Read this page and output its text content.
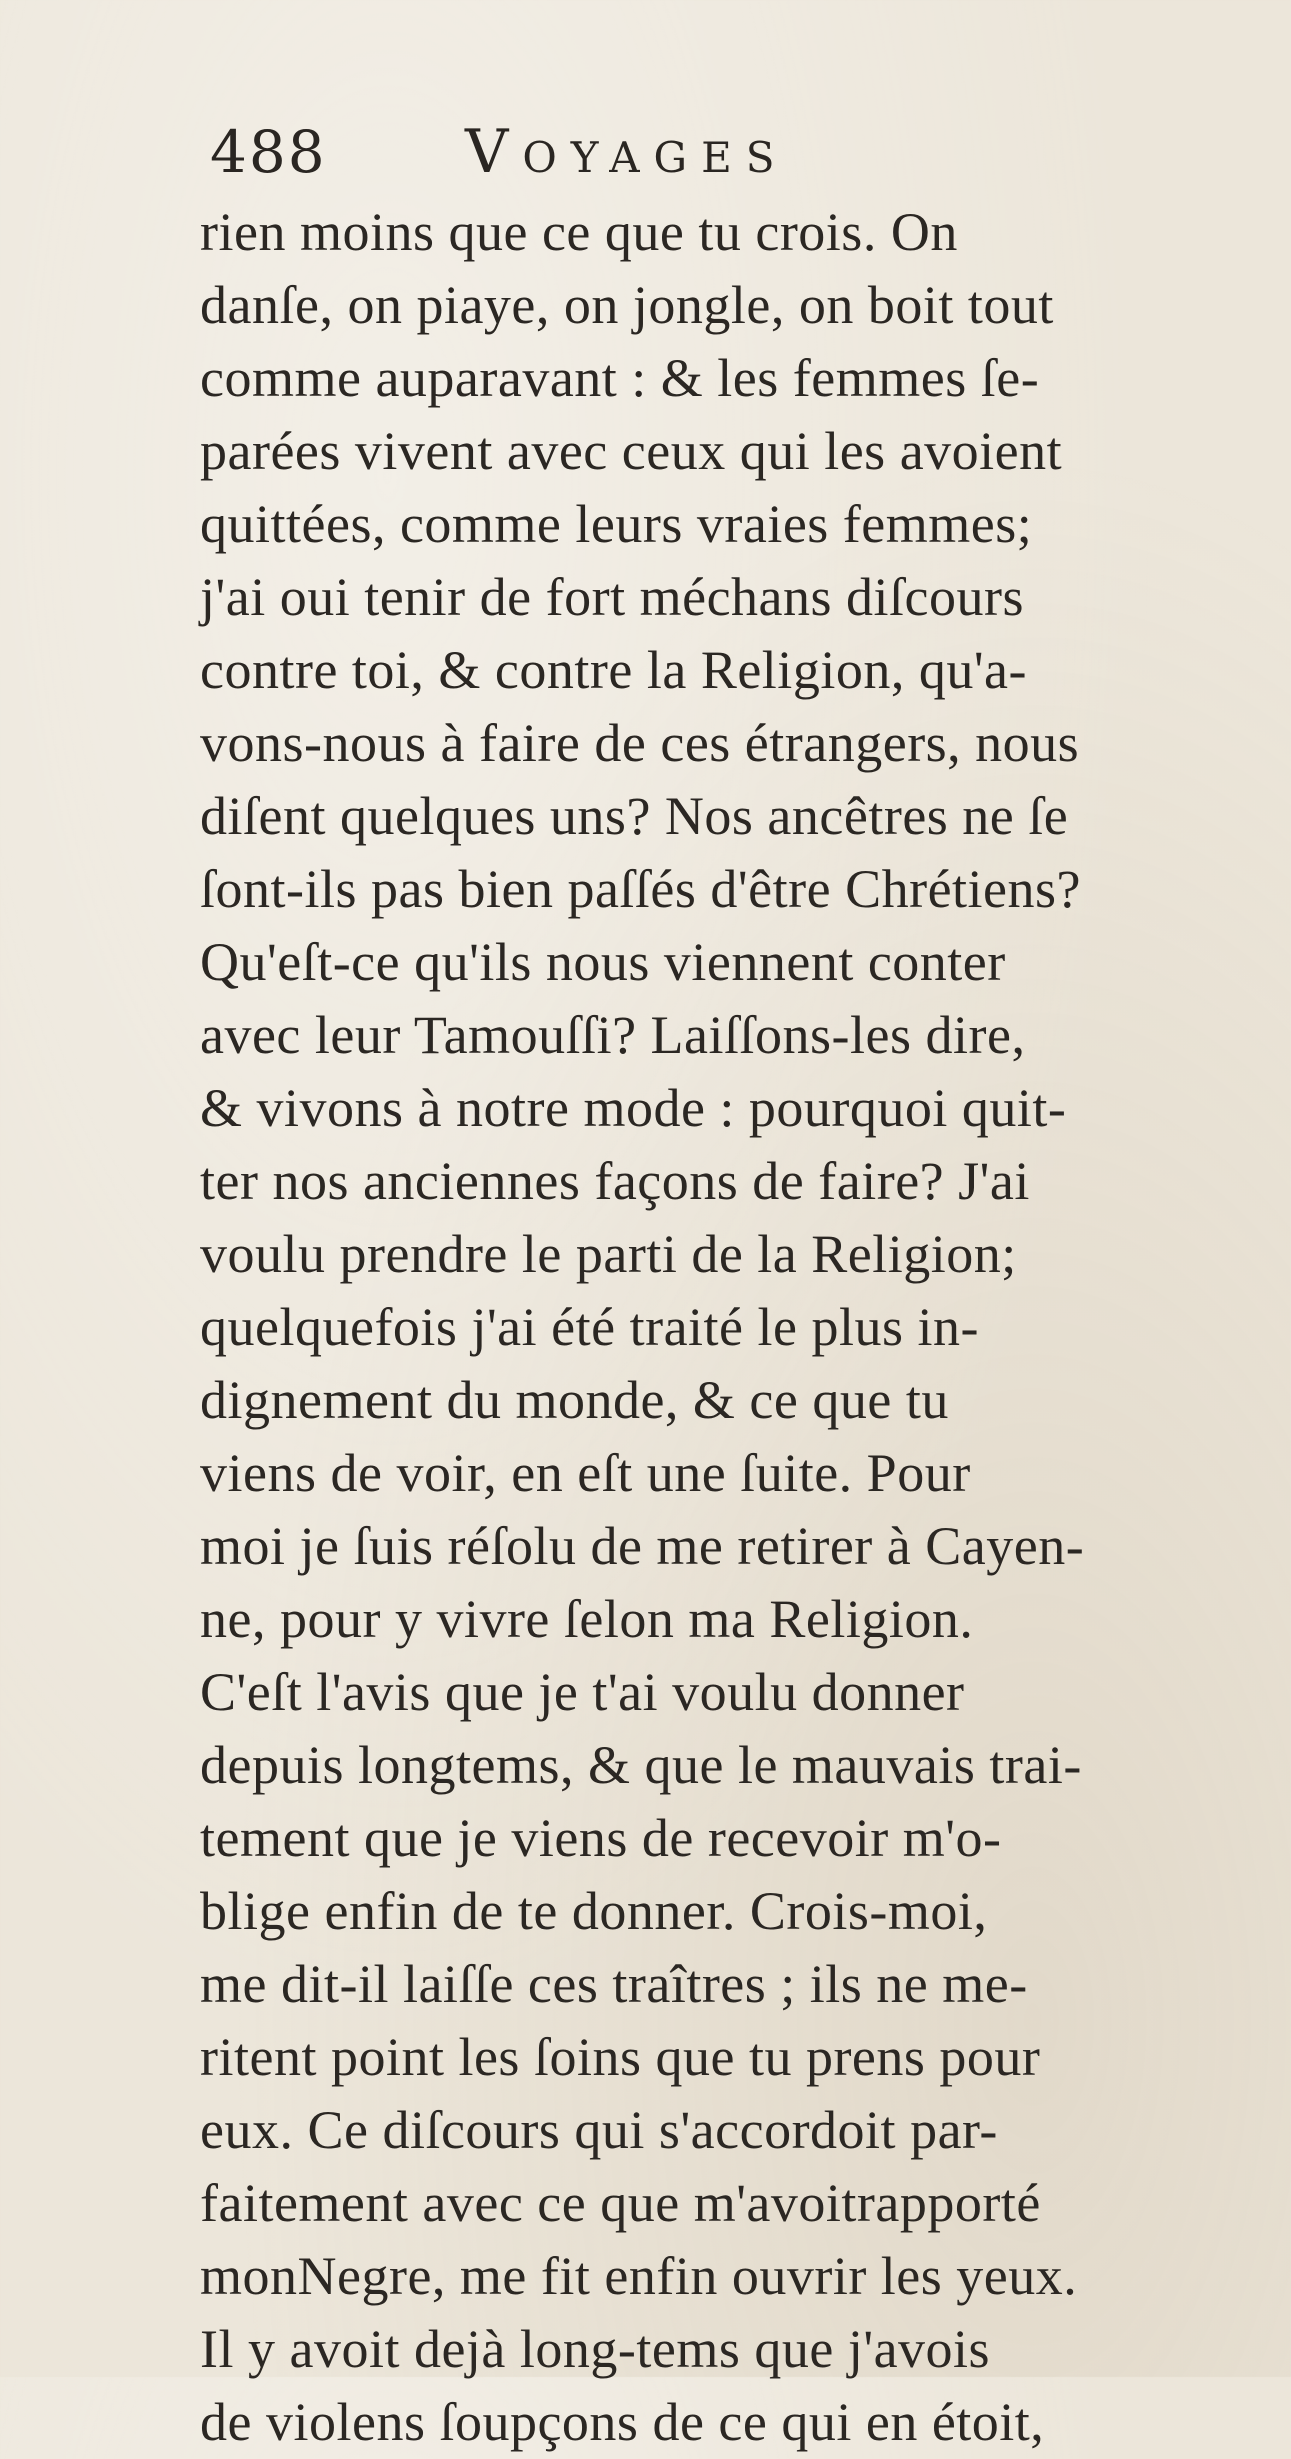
488 Voyages
rien moins que ce que tu crois. On
danſe, on piaye, on jongle, on boit tout
comme auparavant : & les femmes ſe-
parées vivent avec ceux qui les avoient
quittées, comme leurs vraies femmes;
j'ai oui tenir de fort méchans diſcours
contre toi, & contre la Religion, qu'a-
vons-nous à faire de ces étrangers, nous
diſent quelques uns? Nos ancêtres ne ſe
ſont-ils pas bien paſſés d'être Chrétiens?
Qu'eſt-ce qu'ils nous viennent conter
avec leur Tamouſſi? Laiſſons-les dire,
& vivons à notre mode : pourquoi quit-
ter nos anciennes façons de faire? J'ai
voulu prendre le parti de la Religion;
quelquefois j'ai été traité le plus in-
dignement du monde, & ce que tu
viens de voir, en eſt une ſuite. Pour
moi je ſuis réſolu de me retirer à Cayen-
ne, pour y vivre ſelon ma Religion.
C'eſt l'avis que je t'ai voulu donner
depuis longtems, & que le mauvais trai-
tement que je viens de recevoir m'o-
blige enfin de te donner. Crois-moi,
me dit-il laiſſe ces traîtres ; ils ne me-
ritent point les ſoins que tu prens pour
eux. Ce diſcours qui s'accordoit par-
faitement avec ce que m'avoitrapporté
monNegre, me fit enfin ouvrir les yeux.
Il y avoit dejà long-tems que j'avois
de violens ſoupçons de ce qui en étoit,
